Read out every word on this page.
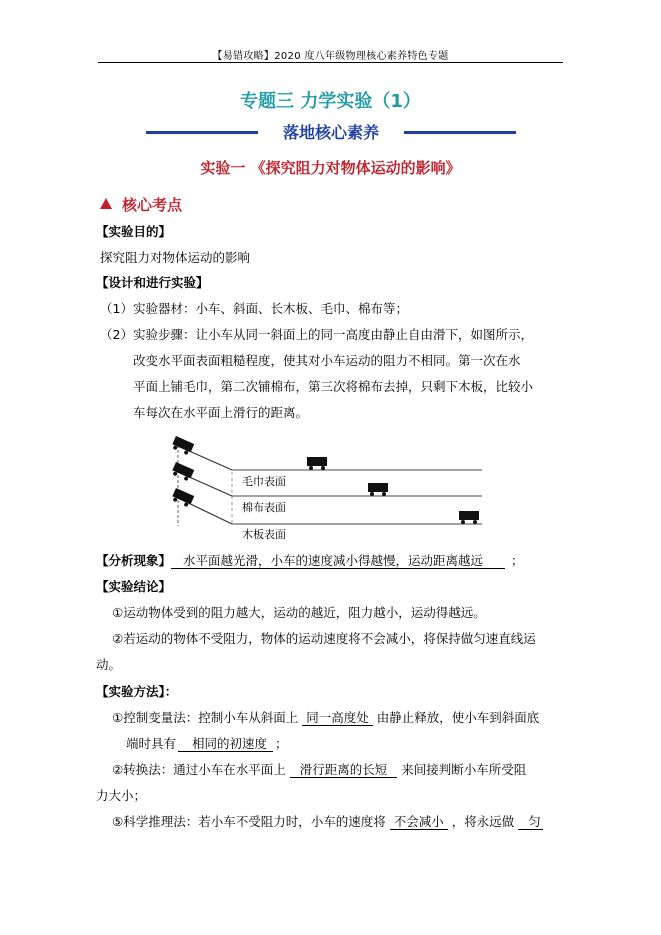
【易错攻略】2020 度八年级物理核心素养特色专题
专题三 力学实验（1）
落地核心素养
实验一 《探究阻力对物体运动的影响》
核心考点
【实验目的】
探究阻力对物体运动的影响
【设计和进行实验】
（1）实验器材：小车、斜面、长木板、毛巾、棉布等；
（2）实验步骤：让小车从同一斜面上的同一高度由静止自由滑下，如图所示，
改变水平面表面粗糙程度，使其对小车运动的阻力不相同。第一次在水
平面上铺毛巾，第二次铺棉布，第三次将棉布去掉，只剩下木板，比较小
车每次在水平面上滑行的距离。
毛巾表面
棉布表面
木板表面
【分析现象】 水平面越光滑，小车的速度减小得越慢，运动距离越远 ；
【实验结论】
①运动物体受到的阻力越大，运动的越近，阻力越小，运动得越远。
②若运动的物体不受阻力，物体的运动速度将不会减小，将保持做匀速直线运
动。
【实验方法】：
①控制变量法：控制小车从斜面上 同一高度处 由静止释放，使小车到斜面底
端时具有 相同的初速度 ；
②转换法：通过小车在水平面上 滑行距离的长短 来间接判断小车所受阻
力大小；
⑤科学推理法：若小车不受阻力时，小车的速度将 不会减小 ，将永远做 匀
